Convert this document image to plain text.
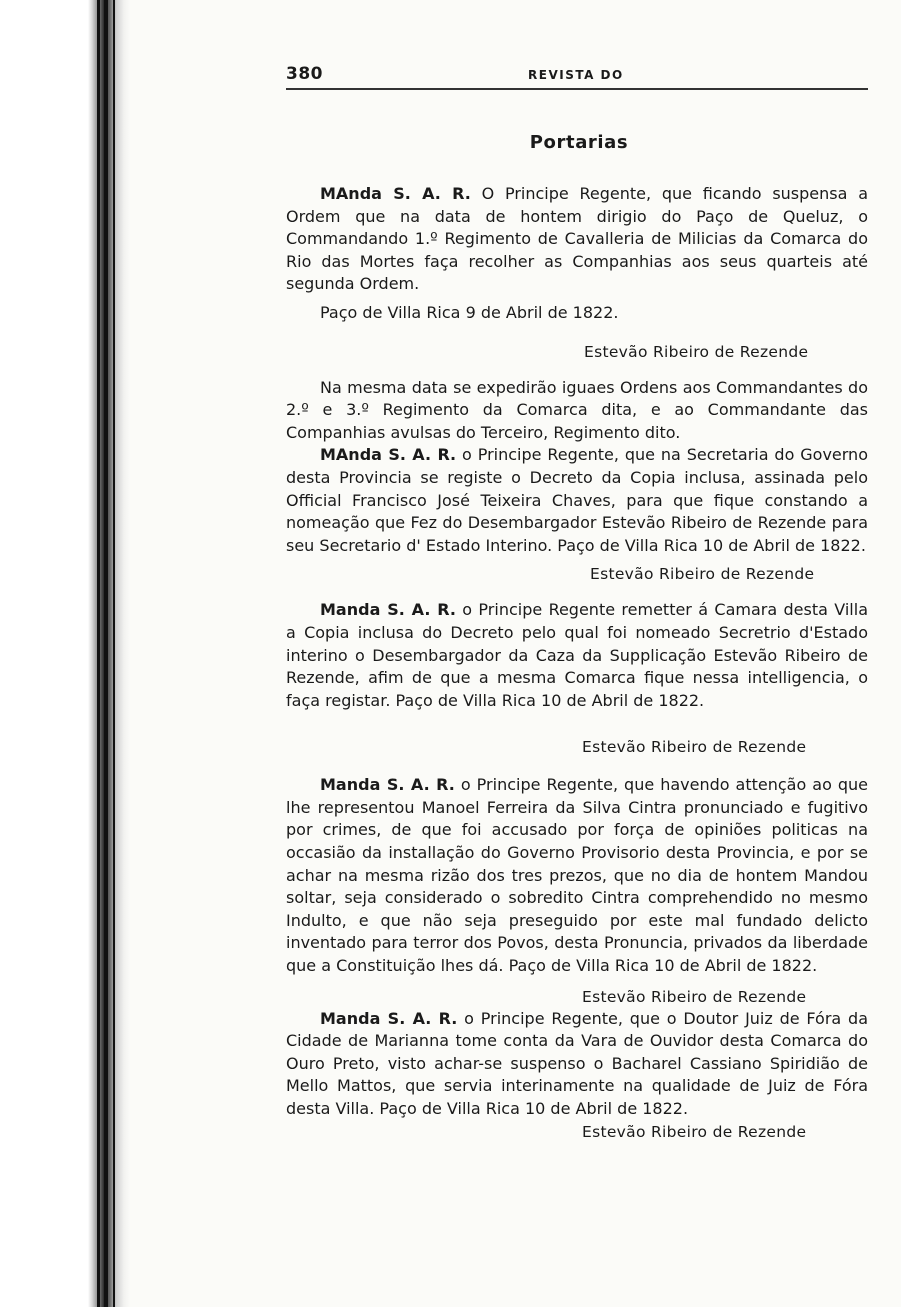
380	REVISTA DO
Portarias

MAnda S. A. R. O Principe Regente, que ficando suspensa a Ordem que na data de hontem dirigio do Paço de Queluz, o Commandando 1.º Regimento de Cavalleria de Milicias da Comarca do Rio das Mortes faça recolher as Companhias aos seus quarteis até segunda Ordem.

Paço de Villa Rica 9 de Abril de 1822.

Estevão Ribeiro de Rezende

Na mesma data se expedirão iguaes Ordens aos Commandantes do 2.º e 3.º Regimento da Comarca dita, e ao Commandante das Companhias avulsas do Terceiro, Regimento dito.

MAnda S. A. R. o Principe Regente, que na Secretaria do Governo desta Provincia se registe o Decreto da Copia inclusa, assinada pelo Official Francisco José Teixeira Chaves, para que fique constando a nomeação que Fez do Desembargador Estevão Ribeiro de Rezende para seu Secretario d' Estado Interino. Paço de Villa Rica 10 de Abril de 1822.

Estevão Ribeiro de Rezende

Manda S. A. R. o Principe Regente remetter á Camara desta Villa a Copia inclusa do Decreto pelo qual foi nomeado Secretrio d'Estado interino o Desembargador da Caza da Supplicação Estevão Ribeiro de Rezende, afim de que a mesma Comarca fique nessa intelligencia, o faça registar. Paço de Villa Rica 10 de Abril de 1822.

Estevão Ribeiro de Rezende

Manda S. A. R. o Principe Regente, que havendo attenção ao que lhe representou Manoel Ferreira da Silva Cintra pronunciado e fugitivo por crimes, de que foi accusado por força de opiniões politicas na occasião da installação do Governo Provisorio desta Provincia, e por se achar na mesma rizão dos tres prezos, que no dia de hontem Mandou soltar, seja considerado o sobredito Cintra comprehendido no mesmo Indulto, e que não seja preseguido por este mal fundado delicto inventado para terror dos Povos, desta Pronuncia, privados da liberdade que a Constituição lhes dá. Paço de Villa Rica 10 de Abril de 1822.

Estevão Ribeiro de Rezende

Manda S. A. R. o Principe Regente, que o Doutor Juiz de Fóra da Cidade de Marianna tome conta da Vara de Ouvidor desta Comarca do Ouro Preto, visto achar-se suspenso o Bacharel Cassiano Spiridião de Mello Mattos, que servia interinamente na qualidade de Juiz de Fóra desta Villa. Paço de Villa Rica 10 de Abril de 1822.

Estevão Ribeiro de Rezende
